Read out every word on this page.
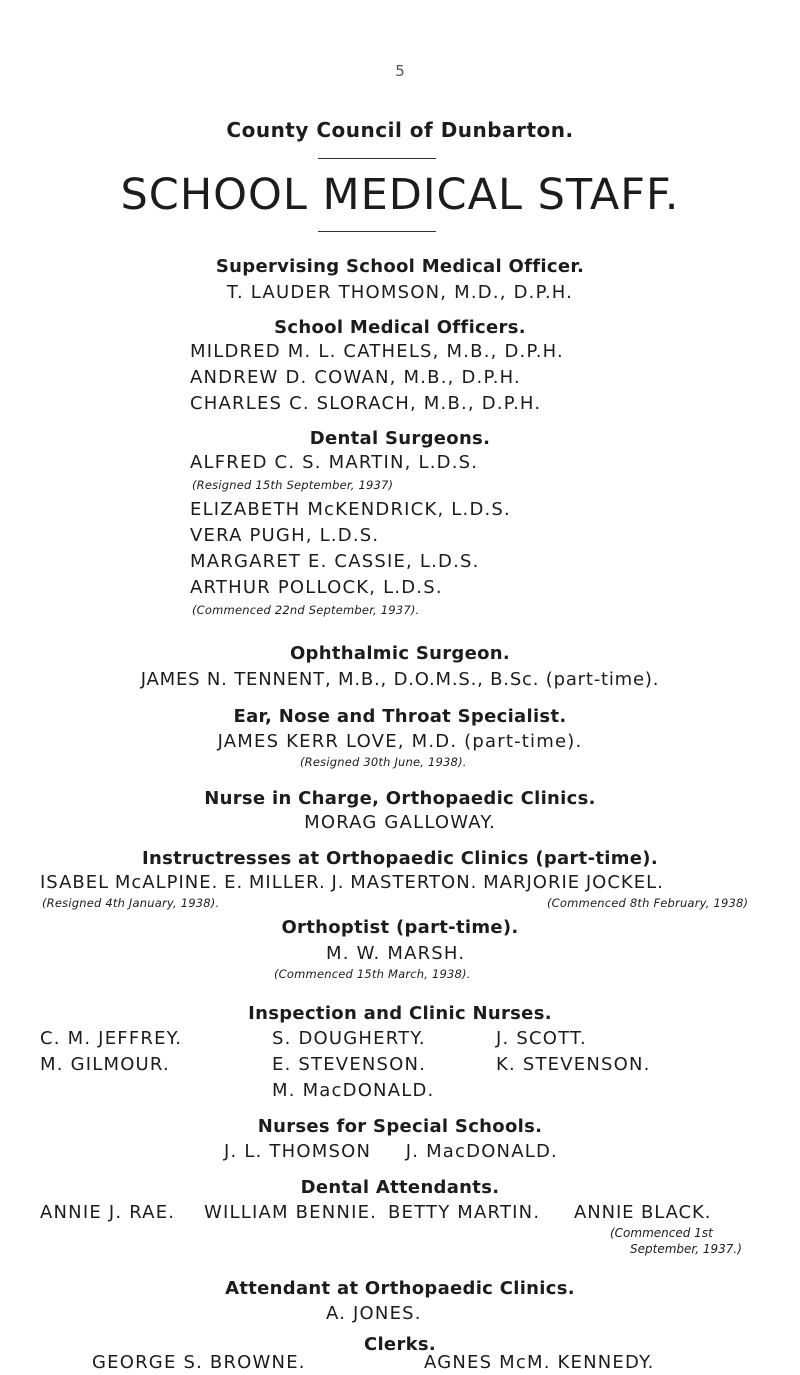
5
County Council of Dunbarton.
SCHOOL MEDICAL STAFF.
Supervising School Medical Officer.
T. LAUDER THOMSON, M.D., D.P.H.
School Medical Officers.
MILDRED M. L. CATHELS, M.B., D.P.H.
ANDREW D. COWAN, M.B., D.P.H.
CHARLES C. SLORACH, M.B., D.P.H.
Dental Surgeons.
ALFRED C. S. MARTIN, L.D.S.
(Resigned 15th September, 1937)
ELIZABETH McKENDRICK, L.D.S.
VERA PUGH, L.D.S.
MARGARET E. CASSIE, L.D.S.
ARTHUR POLLOCK, L.D.S.
(Commenced 22nd September, 1937).
Ophthalmic Surgeon.
JAMES N. TENNENT, M.B., D.O.M.S., B.Sc. (part-time).
Ear, Nose and Throat Specialist.
JAMES KERR LOVE, M.D. (part-time).
(Resigned 30th June, 1938).
Nurse in Charge, Orthopaedic Clinics.
MORAG GALLOWAY.
Instructresses at Orthopaedic Clinics (part-time).
ISABEL McALPINE. E. MILLER. J. MASTERTON. MARJORIE JOCKEL.
(Resigned 4th January, 1938).	(Commenced 8th February, 1938)
Orthoptist (part-time).
M. W. MARSH.
(Commenced 15th March, 1938).
Inspection and Clinic Nurses.
C. M. JEFFREY.
M. GILMOUR.
S. DOUGHERTY.
E. STEVENSON.
M. MacDONALD.
J. SCOTT.
K. STEVENSON.
Nurses for Special Schools.
J. L. THOMSON     J. MacDONALD.
Dental Attendants.
ANNIE J. RAE. WILLIAM BENNIE. BETTY MARTIN. ANNIE BLACK.
(Commenced 1st
September, 1937.)
Attendant at Orthopaedic Clinics.
A. JONES.
Clerks.
GEORGE S. BROWNE.	AGNES McM. KENNEDY.
